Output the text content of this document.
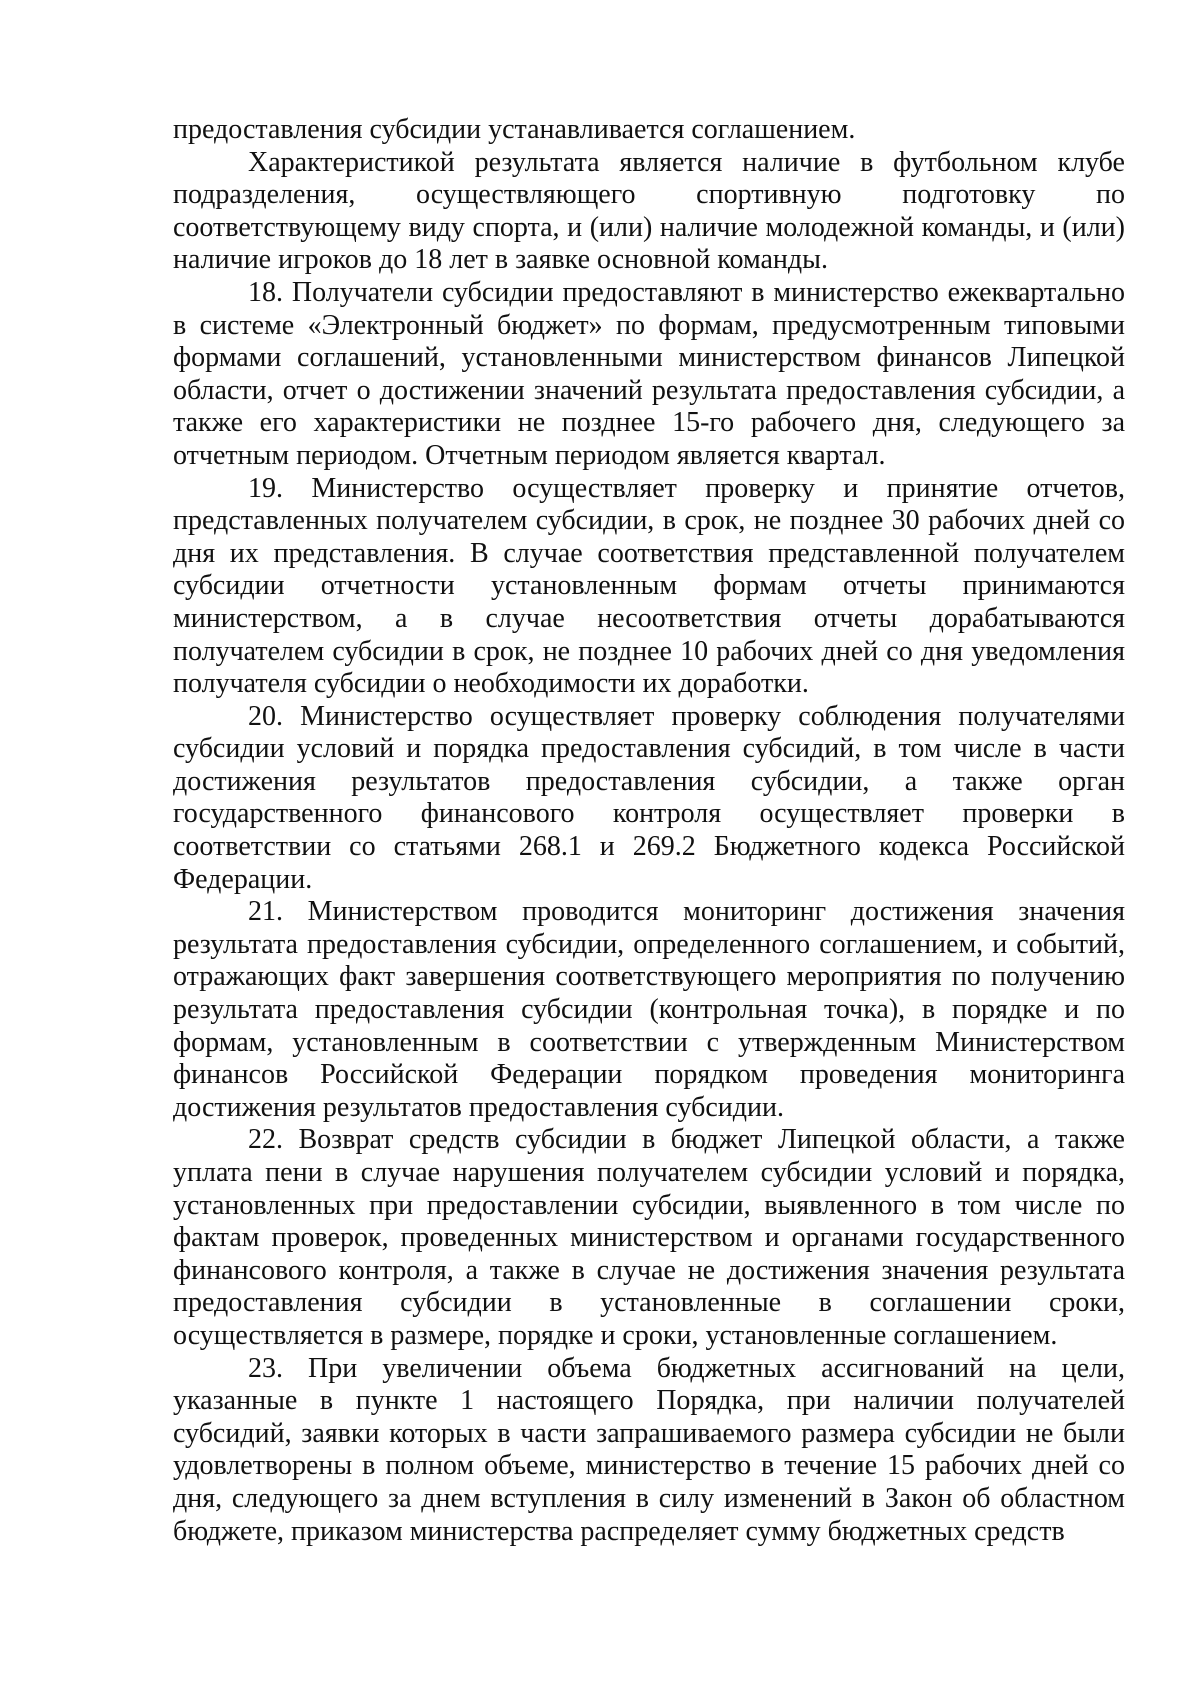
предоставления субсидии устанавливается соглашением.

Характеристикой результата является наличие в футбольном клубе подразделения, осуществляющего спортивную подготовку по соответствующему виду спорта, и (или) наличие молодежной команды, и (или) наличие игроков до 18 лет в заявке основной команды.

18. Получатели субсидии предоставляют в министерство ежеквартально в системе «Электронный бюджет» по формам, предусмотренным типовыми формами соглашений, установленными министерством финансов Липецкой области, отчет о достижении значений результата предоставления субсидии, а также его характеристики не позднее 15-го рабочего дня, следующего за отчетным периодом. Отчетным периодом является квартал.

19. Министерство осуществляет проверку и принятие отчетов, представленных получателем субсидии, в срок, не позднее 30 рабочих дней со дня их представления. В случае соответствия представленной получателем субсидии отчетности установленным формам отчеты принимаются министерством, а в случае несоответствия отчеты дорабатываются получателем субсидии в срок, не позднее 10 рабочих дней со дня уведомления получателя субсидии о необходимости их доработки.

20. Министерство осуществляет проверку соблюдения получателями субсидии условий и порядка предоставления субсидий, в том числе в части достижения результатов предоставления субсидии, а также орган государственного финансового контроля осуществляет проверки в соответствии со статьями 268.1 и 269.2 Бюджетного кодекса Российской Федерации.

21. Министерством проводится мониторинг достижения значения результата предоставления субсидии, определенного соглашением, и событий, отражающих факт завершения соответствующего мероприятия по получению результата предоставления субсидии (контрольная точка), в порядке и по формам, установленным в соответствии с утвержденным Министерством финансов Российской Федерации порядком проведения мониторинга достижения результатов предоставления субсидии.

22. Возврат средств субсидии в бюджет Липецкой области, а также уплата пени в случае нарушения получателем субсидии условий и порядка, установленных при предоставлении субсидии, выявленного в том числе по фактам проверок, проведенных министерством и органами государственного финансового контроля, а также в случае не достижения значения результата предоставления субсидии в установленные в соглашении сроки, осуществляется в размере, порядке и сроки, установленные соглашением.

23. При увеличении объема бюджетных ассигнований на цели, указанные в пункте 1 настоящего Порядка, при наличии получателей субсидий, заявки которых в части запрашиваемого размера субсидии не были удовлетворены в полном объеме, министерство в течение 15 рабочих дней со дня, следующего за днем вступления в силу изменений в Закон об областном бюджете, приказом министерства распределяет сумму бюджетных средств
